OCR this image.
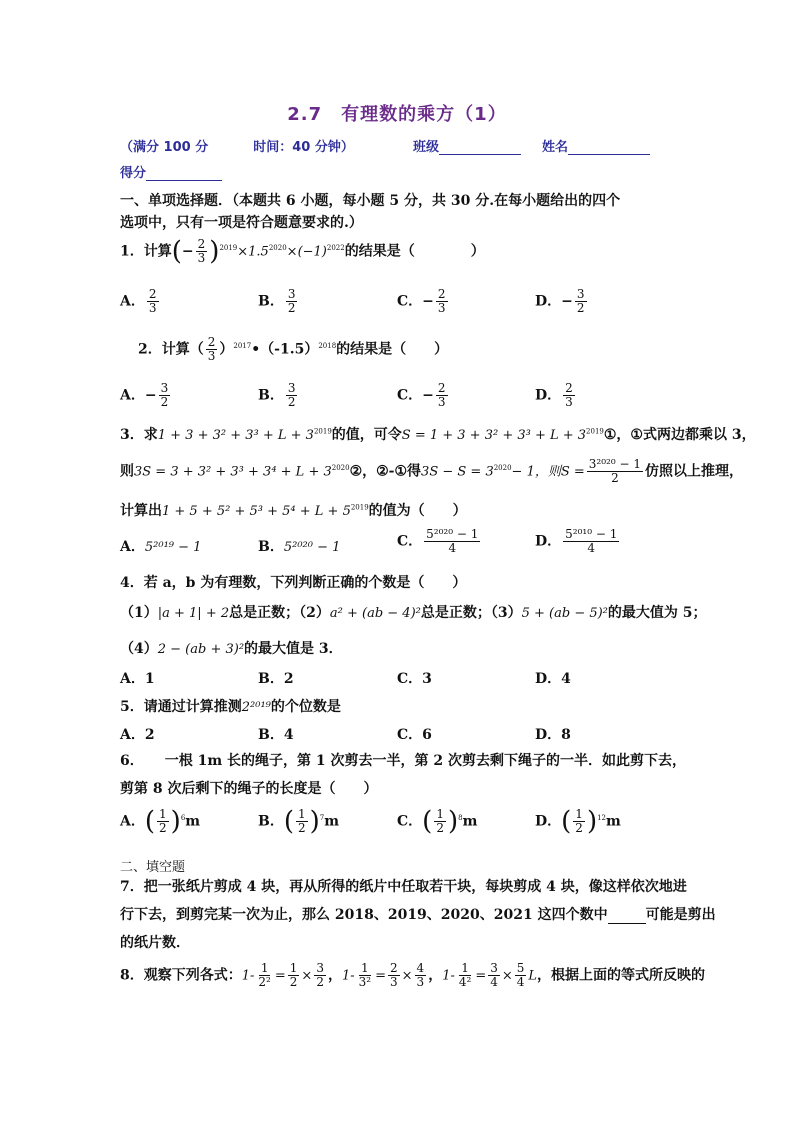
2.7　有理数的乘方（1）
（满分 100 分	时间：40 分钟）	班级	姓名
得分
一、单项选择题．（本题共 6 小题，每小题 5 分，共 30 分.在每小题给出的四个
选项中，只有一项是符合题意要求的.）
1．计算(− $\frac{2}{3} )^{2019}\times 1.5^{2020}\times(-1)^{2022}$的结果是（　　　　）
A． $\frac{2}{3}$	B． $\frac{3}{2}$	C．− $\frac{2}{3}$	D．− $\frac{3}{2}$
2．计算（ $\frac{2}{3}$ ）$^{2017}•(-1.5)^{2018}$的结果是（　　）
A．− $\frac{3}{2}$	B． $\frac{3}{2}$	C．− $\frac{2}{3}$	D． $\frac{2}{3}$
3．求$1 + 3 + 3^2 + 3^3 + L + 3^{2019}$的值，可令$S = 1 + 3 + 3^2 + 3^3 + L + 3^{2019}①$，①式两边都乘以 3，
则$3S = 3 + 3^2 + 3^3 + 3^4 + L + 3^{2020}②$，②-①得$3S - S = 3^{2020}- 1$，则$S = \frac{\text{3²⁰²⁰ − 1}}{2}$ 仿照以上推理，
计算出$1 + 5 + 5^2 + 5^3 + 5^4 + L + 5^{2019}$的值为（　　）
A．5²⁰¹⁹ − 1	B．5²⁰²⁰ − 1	C． $\frac{\text{5²⁰²⁰ − 1}}{4}$	D． $\frac{\text{5²⁰¹⁰ − 1}}{4}$
4．若 a，b 为有理数，下列判断正确的个数是（　　）
（1）|a + 1| + 2总是正数；（2）a² + (ab − 4)²总是正数；（3）5 + (ab − 5)²的最大值为 5；
（4）2 − (ab + 3)²的最大值是 3．
A．1	B．2	C．3	D．4
5．请通过计算推测2²⁰¹⁹的个位数是
A．2	B．4	C．6	D．8
6．　　一根 1m 长的绳子，第 1 次剪去一半，第 2 次剪去剩下绳子的一半．如此剪下去，
剪第 8 次后剩下的绳子的长度是（　　）
A．( $\frac{1}{2} )^6m$	B．( $\frac{1}{2} )^7m$	C．( $\frac{1}{2} )^8m$	D．( $\frac{1}{2} )^{12}m$
二、填空题
7．把一张纸片剪成 4 块，再从所得的纸片中任取若干块，每块剪成 4 块，像这样依次地进
行下去，到剪完某一次为止，那么 2018、2019、2020、2021 这四个数中	可能是剪出
的纸片数．
8．观察下列各式：$1- \frac{1}{\text{2²}} = \frac{1}{2} \times \frac{3}{2}$ ，$1- \frac{1}{\text{3²}} = \frac{2}{3} \times \frac{4}{3}$ ，$1- \frac{1}{\text{4²}} = \frac{3}{4} \times \frac{5}{4}$ L，根据上面的等式所反映的
